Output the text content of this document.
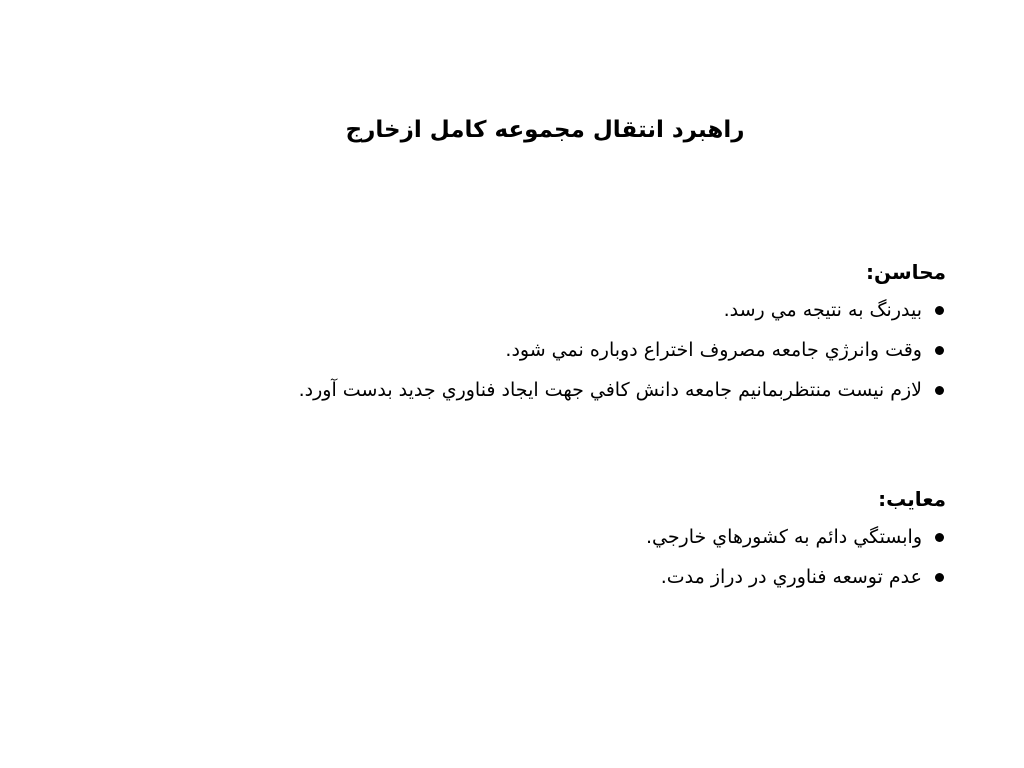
راهبرد انتقال مجموعه كامل ازخارج

محاسن:

بيدرنگ به نتيجه مي رسد.
وقت وانرژي جامعه مصروف اختراع دوباره نمي شود.
لازم نيست منتظربمانيم جامعه دانش كافي جهت ايجاد فناوري جديد بدست آورد.

معايب:

وابستگي دائم به كشورهاي خارجي.
عدم توسعه فناوري در دراز مدت.
